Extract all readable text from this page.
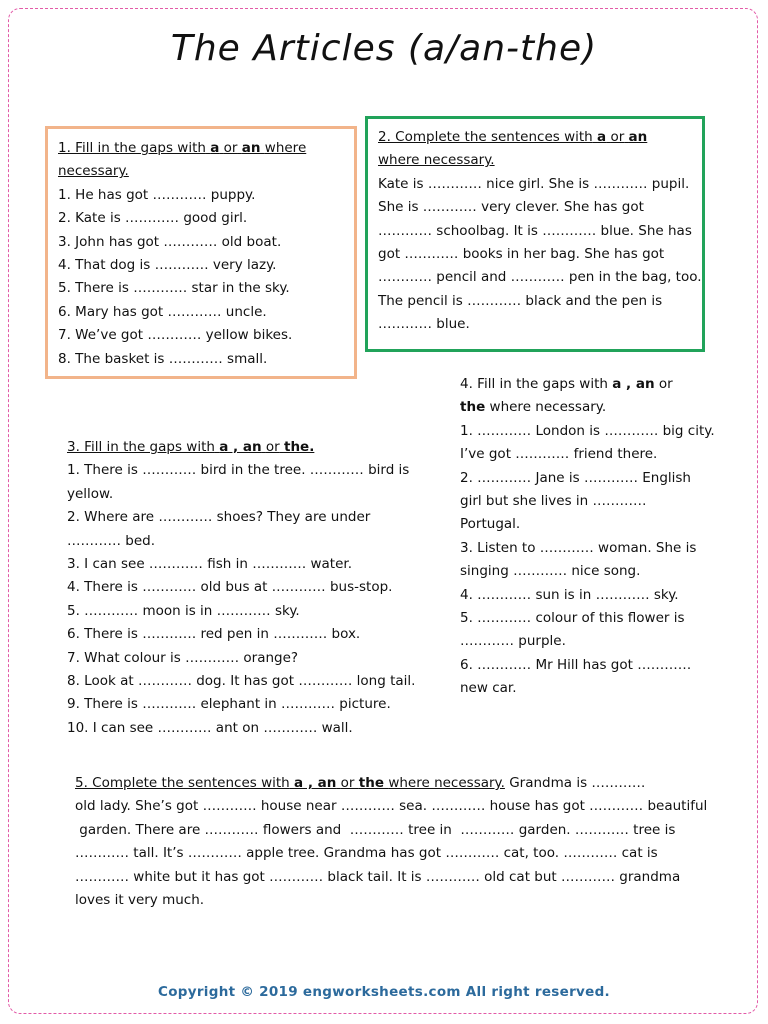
The Articles (a/an-the)
1. Fill in the gaps with a or an where
necessary.
1. He has got ………… puppy.
2. Kate is ………… good girl.
3. John has got ………… old boat.
4. That dog is ………… very lazy.
5. There is ………… star in the sky.
6. Mary has got ………… uncle.
7. We’ve got ………… yellow bikes.
8. The basket is ………… small.
2. Complete the sentences with a or an
where necessary.
Kate is ………… nice girl. She is ………… pupil.
She is ………… very clever. She has got
………… schoolbag. It is ………… blue. She has
got ………… books in her bag. She has got
………… pencil and ………… pen in the bag, too.
The pencil is ………… black and the pen is
………… blue.
4. Fill in the gaps with a , an or
the where necessary.
1. ………… London is ………… big city.
I’ve got ………… friend there.
2. ………… Jane is ………… English
girl but she lives in …………
Portugal.
3. Listen to ………… woman. She is
singing ………… nice song.
4. ………… sun is in ………… sky.
5. ………… colour of this flower is
………… purple.
6. ………… Mr Hill has got …………
new car.
3. Fill in the gaps with a , an or the.
1. There is ………… bird in the tree. ………… bird is
yellow.
2. Where are ………… shoes? They are under
………… bed.
3. I can see ………… fish in ………… water.
4. There is ………… old bus at ………… bus-stop.
5. ………… moon is in ………… sky.
6. There is ………… red pen in ………… box.
7. What colour is ………… orange?
8. Look at ………… dog. It has got ………… long tail.
9. There is ………… elephant in ………… picture.
10. I can see ………… ant on ………… wall.
5. Complete the sentences with a , an or the where necessary. Grandma is …………
old lady. She’s got ………… house near ………… sea. ………… house has got ………… beautiful
garden. There are ………… flowers and  ………… tree in  ………… garden. ………… tree is
………… tall. It’s ………… apple tree. Grandma has got ………… cat, too. ………… cat is
………… white but it has got ………… black tail. It is ………… old cat but ………… grandma
loves it very much.
Copyright © 2019 engworksheets.com All right reserved.
